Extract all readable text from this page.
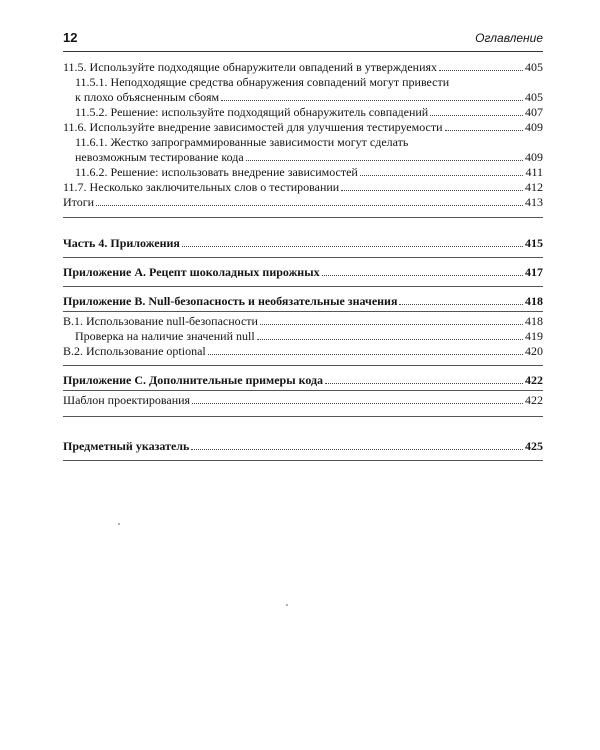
12	Оглавление
11.5. Используйте подходящие обнаружители овпадений в утверждениях	405
11.5.1. Неподходящие средства обнаружения совпадений могут привести
к плохо объясненным сбоям	405
11.5.2. Решение: используйте подходящий обнаружитель совпадений	407
11.6. Используйте внедрение зависимостей для улучшения тестируемости	409
11.6.1. Жестко запрограммированные зависимости могут сделать
невозможным тестирование кода	409
11.6.2. Решение: использовать внедрение зависимостей	411
11.7. Несколько заключительных слов о тестировании	412
Итоги	413
Часть 4. Приложения	415
Приложение A. Рецепт шоколадных пирожных	417
Приложение B. Null-безопасность и необязательные значения	418
B.1. Использование null-безопасности	418
Проверка на наличие значений null	419
B.2. Использование optional	420
Приложение C. Дополнительные примеры кода	422
Шаблон проектирования	422
Предметный указатель	425
